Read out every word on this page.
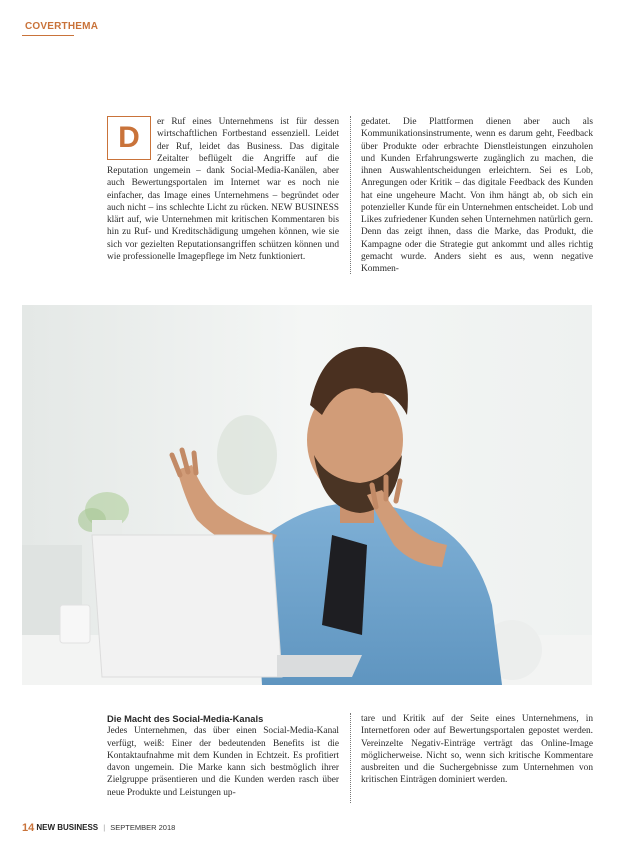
COVERTHEMA
D	er Ruf eines Unternehmens ist für dessen wirtschaftlichen Fortbestand essenziell. Leidet der Ruf, leidet das Business. Das digitale Zeitalter beflügelt die Angriffe auf die Reputation ungemein – dank Social-Media-Kanälen, aber auch Bewertungsportalen im Internet war es noch nie einfacher, das Image eines Unternehmens – begründet oder auch nicht – ins schlechte Licht zu rücken. NEW BUSINESS klärt auf, wie Unternehmen mit kritischen Kommentaren bis hin zu Ruf- und Kreditschädigung umgehen können, wie sie sich vor gezielten Reputationsangriffen schützen können und wie professionelle Imagepflege im Netz funktioniert.
gedatet. Die Plattformen dienen aber auch als Kommunikationsinstrumente, wenn es darum geht, Feedback über Produkte oder erbrachte Dienstleistungen einzuholen und Kunden Erfahrungswerte zugänglich zu machen, die ihnen Auswahlentscheidungen erleichtern. Sei es Lob, Anregungen oder Kritik – das digitale Feedback des Kunden hat eine ungeheure Macht. Von ihm hängt ab, ob sich ein potenzieller Kunde für ein Unternehmen entscheidet. Lob und Likes zufriedener Kunden sehen Unternehmen natürlich gern. Denn das zeigt ihnen, dass die Marke, das Produkt, die Kampagne oder die Strategie gut ankommt und alles richtig gemacht wurde. Anders sieht es aus, wenn negative Kommen-
Die Macht des Social-Media-Kanals
Jedes Unternehmen, das über einen Social-Media-Kanal verfügt, weiß: Einer der bedeutenden Benefits ist die Kontaktaufnahme mit dem Kunden in Echtzeit. Es profitiert davon ungemein. Die Marke kann sich bestmöglich ihrer Zielgruppe präsentieren und die Kunden werden rasch über neue Produkte und Leistungen up-
tare und Kritik auf der Seite eines Unternehmens, in Internetforen oder auf Bewertungsportalen gepostet werden. Vereinzelte Negativ-Einträge verträgt das Online-Image möglicherweise. Nicht so, wenn sich kritische Kommentare ausbreiten und die Suchergebnisse zum Unternehmen von kritischen Einträgen dominiert werden.
14 NEW BUSINESS | SEPTEMBER 2018
